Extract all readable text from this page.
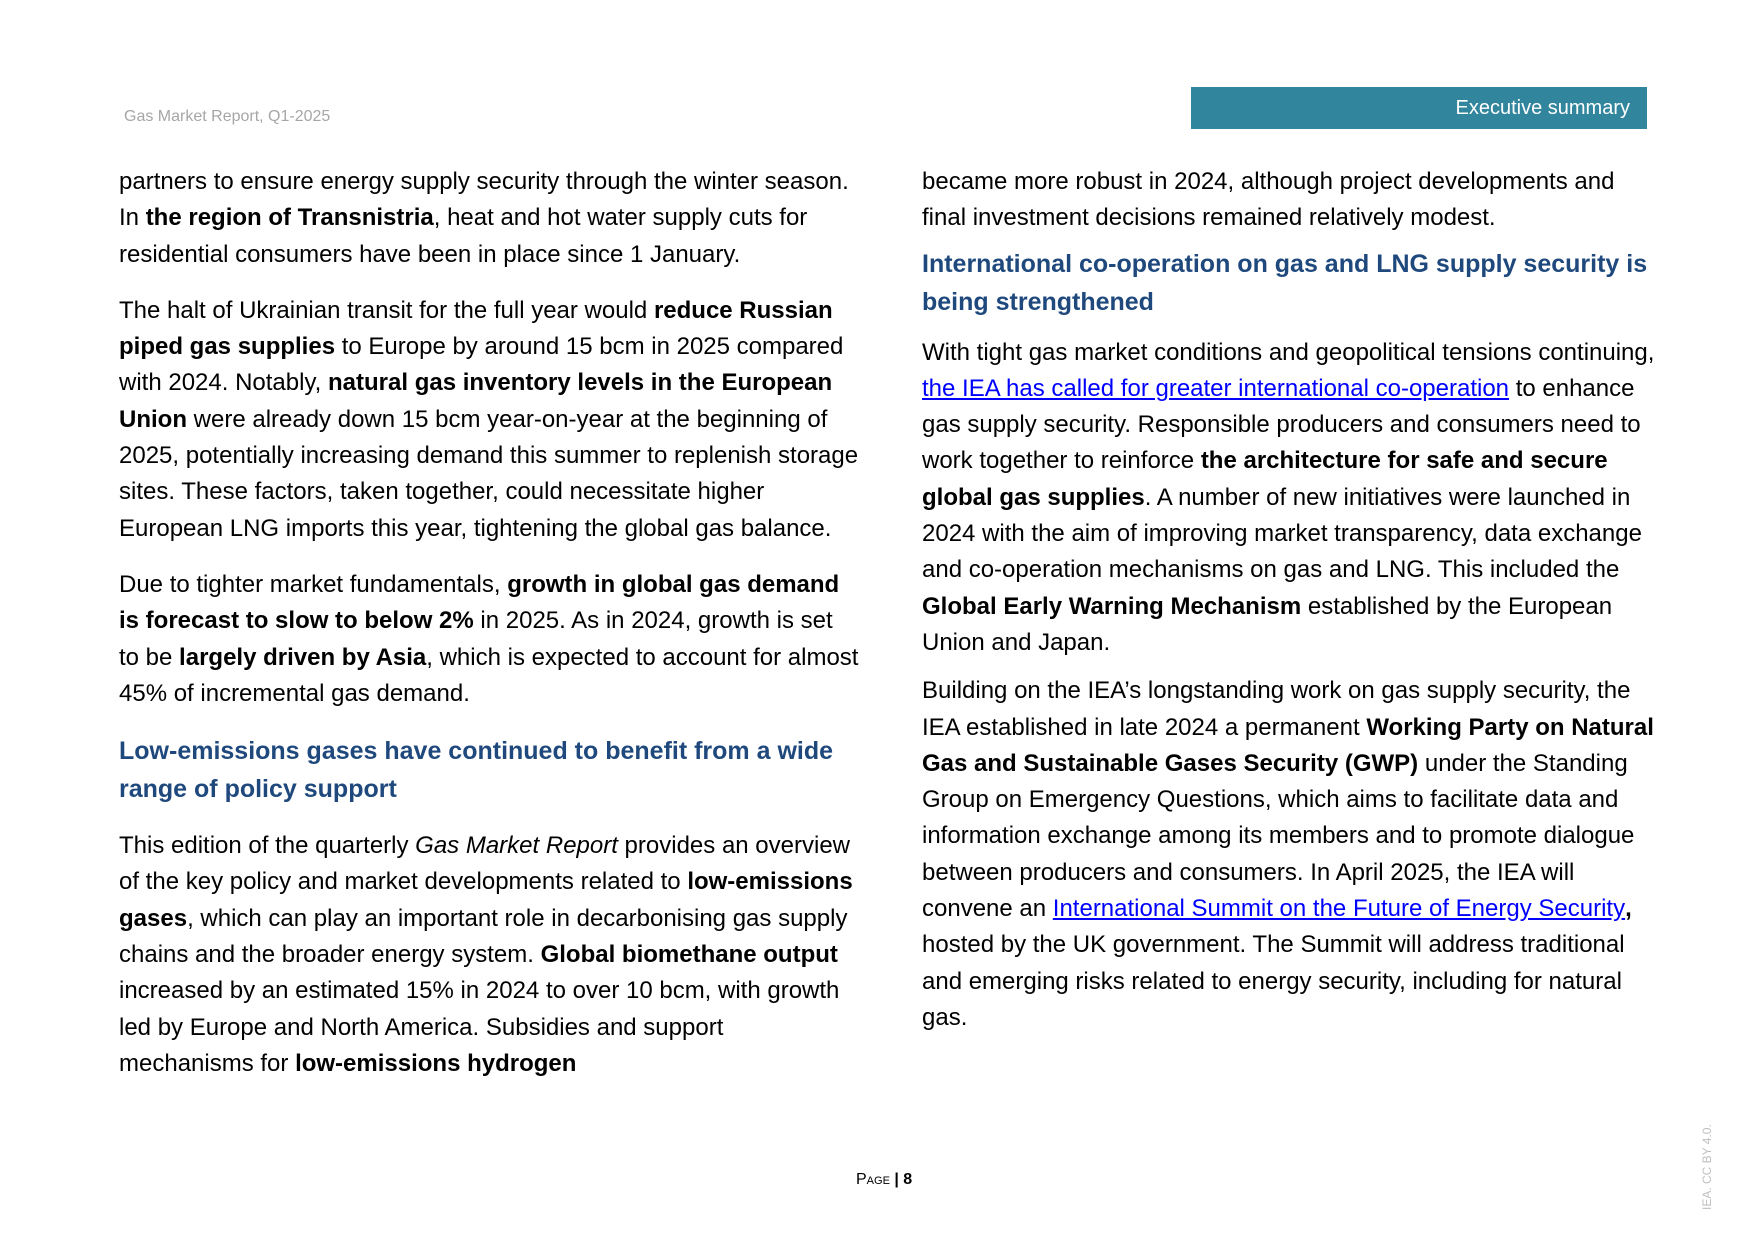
Gas Market Report, Q1-2025	Executive summary

partners to ensure energy supply security through the winter season. In the region of Transnistria, heat and hot water supply cuts for residential consumers have been in place since 1 January.

The halt of Ukrainian transit for the full year would reduce Russian piped gas supplies to Europe by around 15 bcm in 2025 compared with 2024. Notably, natural gas inventory levels in the European Union were already down 15 bcm year-on-year at the beginning of 2025, potentially increasing demand this summer to replenish storage sites. These factors, taken together, could necessitate higher European LNG imports this year, tightening the global gas balance.

Due to tighter market fundamentals, growth in global gas demand is forecast to slow to below 2% in 2025. As in 2024, growth is set to be largely driven by Asia, which is expected to account for almost 45% of incremental gas demand.

Low-emissions gases have continued to benefit from a wide range of policy support

This edition of the quarterly Gas Market Report provides an overview of the key policy and market developments related to low-emissions gases, which can play an important role in decarbonising gas supply chains and the broader energy system. Global biomethane output increased by an estimated 15% in 2024 to over 10 bcm, with growth led by Europe and North America. Subsidies and support mechanisms for low-emissions hydrogen

became more robust in 2024, although project developments and final investment decisions remained relatively modest.

International co-operation on gas and LNG supply security is being strengthened

With tight gas market conditions and geopolitical tensions continuing, the IEA has called for greater international co-operation to enhance gas supply security. Responsible producers and consumers need to work together to reinforce the architecture for safe and secure global gas supplies. A number of new initiatives were launched in 2024 with the aim of improving market transparency, data exchange and co-operation mechanisms on gas and LNG. This included the Global Early Warning Mechanism established by the European Union and Japan.

Building on the IEA’s longstanding work on gas supply security, the IEA established in late 2024 a permanent Working Party on Natural Gas and Sustainable Gases Security (GWP) under the Standing Group on Emergency Questions, which aims to facilitate data and information exchange among its members and to promote dialogue between producers and consumers. In April 2025, the IEA will convene an International Summit on the Future of Energy Security, hosted by the UK government. The Summit will address traditional and emerging risks related to energy security, including for natural gas.

Page | 8	IEA. CC BY 4.0.
